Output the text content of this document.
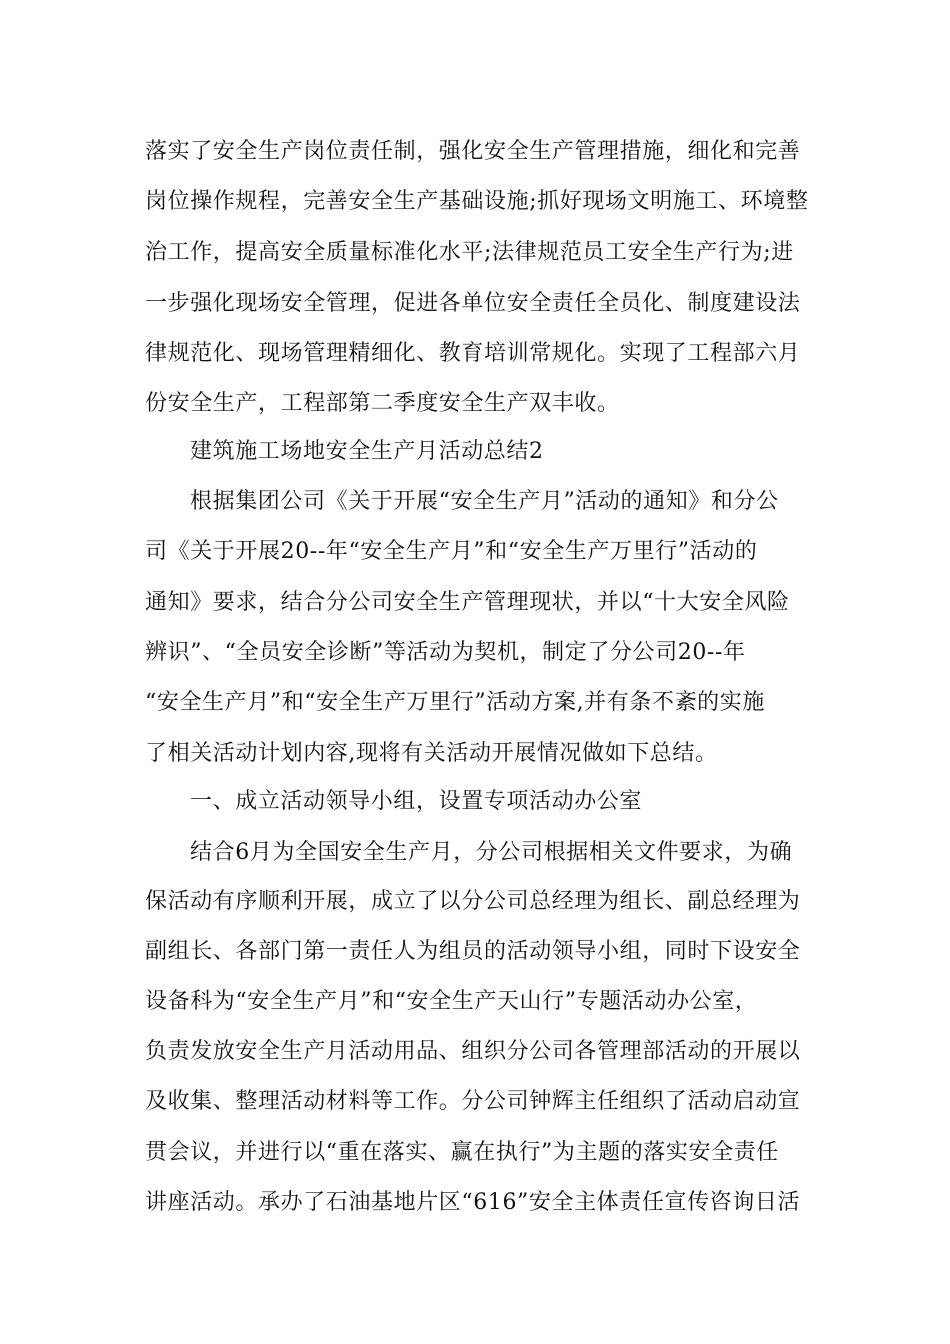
落实了安全生产岗位责任制，强化安全生产管理措施，细化和完善
岗位操作规程，完善安全生产基础设施;抓好现场文明施工、环境整
治工作，提高安全质量标准化水平;法律规范员工安全生产行为;进
一步强化现场安全管理，促进各单位安全责任全员化、制度建设法
律规范化、现场管理精细化、教育培训常规化。实现了工程部六月
份安全生产，工程部第二季度安全生产双丰收。
建筑施工场地安全生产月活动总结2
根据集团公司《关于开展“安全生产月”活动的通知》和分公
司《关于开展20--年“安全生产月”和“安全生产万里行”活动的
通知》要求，结合分公司安全生产管理现状，并以“十大安全风险
辨识”、“全员安全诊断”等活动为契机，制定了分公司20--年
“安全生产月”和“安全生产万里行”活动方案,并有条不紊的实施
了相关活动计划内容,现将有关活动开展情况做如下总结。
一、成立活动领导小组，设置专项活动办公室
结合6月为全国安全生产月，分公司根据相关文件要求，为确
保活动有序顺利开展，成立了以分公司总经理为组长、副总经理为
副组长、各部门第一责任人为组员的活动领导小组，同时下设安全
设备科为“安全生产月”和“安全生产天山行”专题活动办公室，
负责发放安全生产月活动用品、组织分公司各管理部活动的开展以
及收集、整理活动材料等工作。分公司钟辉主任组织了活动启动宣
贯会议，并进行以“重在落实、赢在执行”为主题的落实安全责任
讲座活动。承办了石油基地片区“616”安全主体责任宣传咨询日活
